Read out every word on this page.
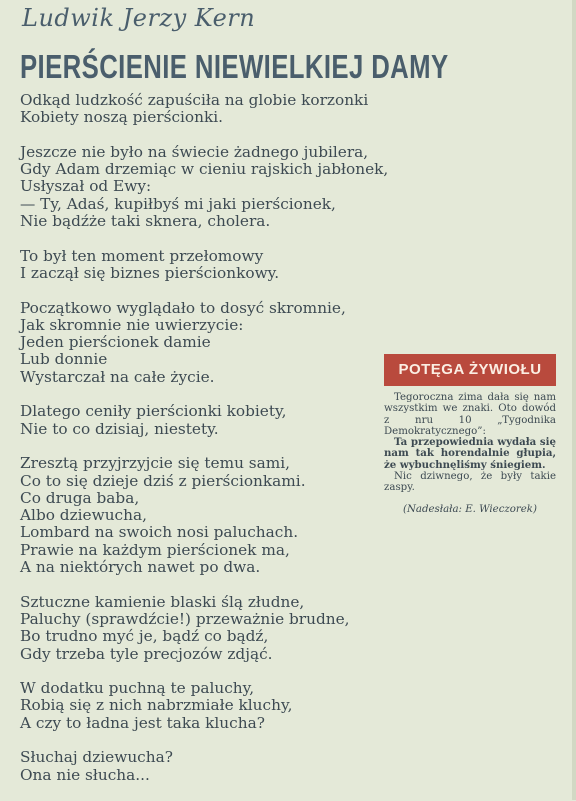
Ludwik Jerzy Kern
PIERŚCIENIE NIEWIELKIEJ DAMY
Odkąd ludzkość zapuściła na globie korzonki
Kobiety noszą pierścionki.
Jeszcze nie było na świecie żadnego jubilera,
Gdy Adam drzemiąc w cieniu rajskich jabłonek,
Usłyszał od Ewy:
— Ty, Adaś, kupiłbyś mi jaki pierścionek,
Nie bądźże taki sknera, cholera.
To był ten moment przełomowy
I zaczął się biznes pierścionkowy.
Początkowo wyglądało to dosyć skromnie,
Jak skromnie nie uwierzycie:
Jeden pierścionek damie
Lub donnie
Wystarczał na całe życie.
Dlatego ceniły pierścionki kobiety,
Nie to co dzisiaj, niestety.
Zresztą przyjrzyjcie się temu sami,
Co to się dzieje dziś z pierścionkami.
Co druga baba,
Albo dziewucha,
Lombard na swoich nosi paluchach.
Prawie na każdym pierścionek ma,
A na niektórych nawet po dwa.
Sztuczne kamienie blaski ślą złudne,
Paluchy (sprawdźcie!) przeważnie brudne,
Bo trudno myć je, bądź co bądź,
Gdy trzeba tyle precjozów zdjąć.
W dodatku puchną te paluchy,
Robią się z nich nabrzmiałe kluchy,
A czy to ładna jest taka klucha?
Słuchaj dziewucha?
Ona nie słucha...
POTĘGA ŻYWIOŁU

Tegoroczna zima dała się nam wszystkim we znaki. Oto dowód z nru 10 „Tygodnika Demokratycznego”:

Ta przepowiednia wydała się nam tak horendalnie głupia, że wybuchnęliśmy śniegiem.

Nic dziwnego, że były takie zaspy.

(Nadesłała: E. Wieczorek)
